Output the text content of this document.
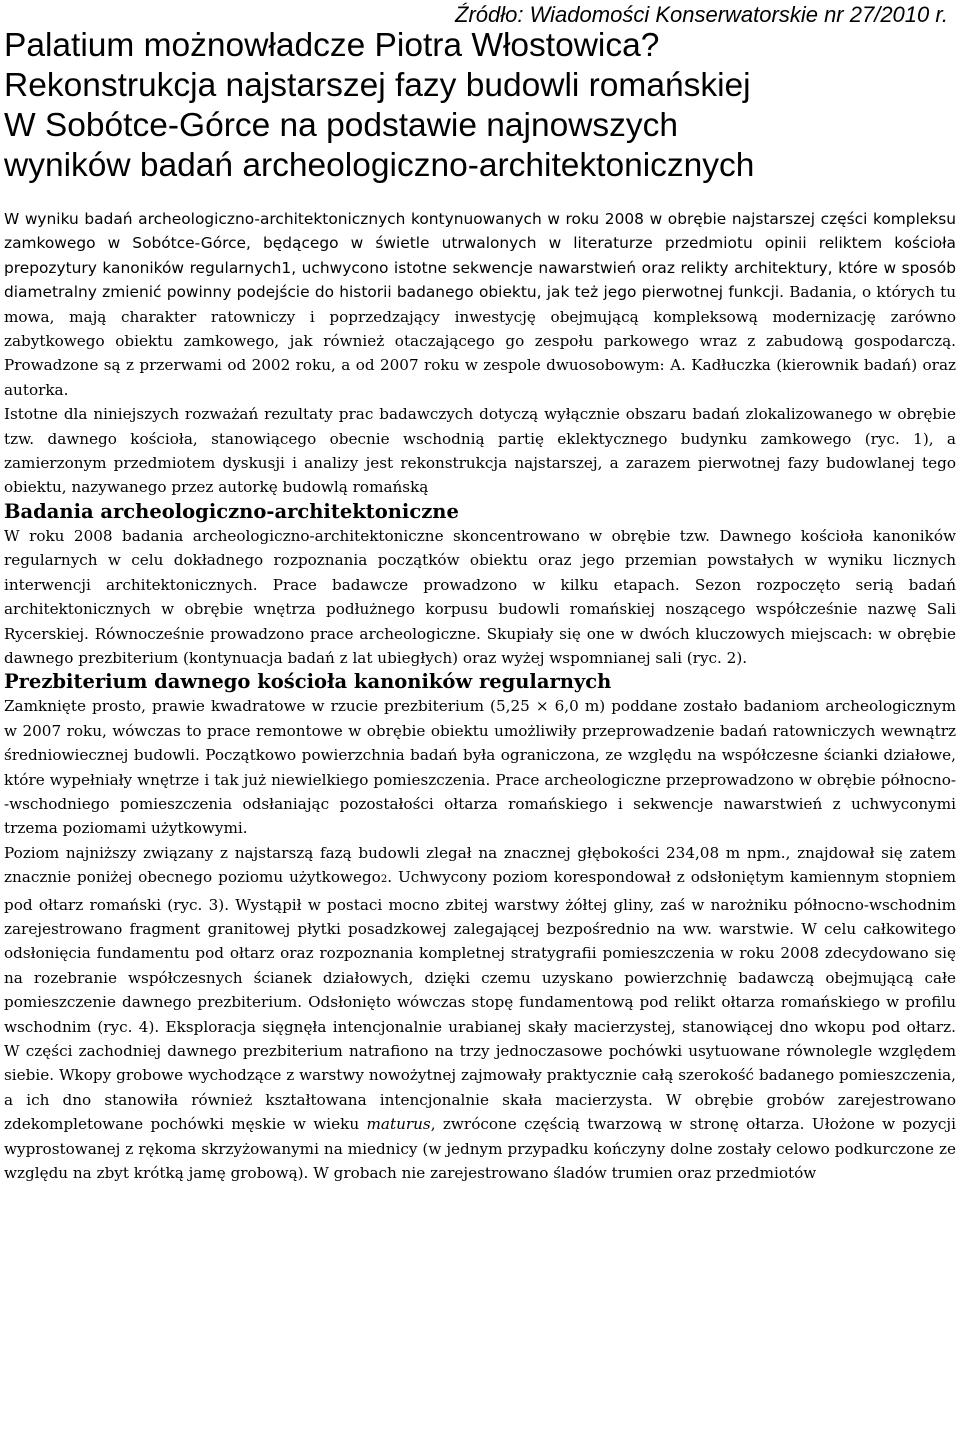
Źródło: Wiadomości Konserwatorskie nr 27/2010 r.
Palatium możnowładcze Piotra Włostowica?
Rekonstrukcja najstarszej fazy budowli romańskiej
W Sobótce-Górce na podstawie najnowszych
wyników badań archeologiczno-architektonicznych

W wyniku badań archeologiczno-architektonicznych kontynuowanych w roku 2008 w obrębie najstarszej części kompleksu zamkowego w Sobótce-Górce, będącego w świetle utrwalonych w literaturze przedmiotu opinii reliktem kościoła prepozytury kanoników regularnych1, uchwycono istotne sekwencje nawarstwień oraz relikty architektury, które w sposób diametralny zmienić powinny podejście do historii badanego obiektu, jak też jego pierwotnej funkcji. Badania, o których tu mowa, mają charakter ratowniczy i poprzedzający inwestycję obejmującą kompleksową modernizację zarówno zabytkowego obiektu zamkowego, jak również otaczającego go zespołu parkowego wraz z zabudową gospodarczą. Prowadzone są z przerwami od 2002 roku, a od 2007 roku w zespole dwuosobowym: A. Kadłuczka (kierownik badań) oraz autorka.

Istotne dla niniejszych rozważań rezultaty prac badawczych dotyczą wyłącznie obszaru badań zlokalizowanego w obrębie tzw. dawnego kościoła, stanowiącego obecnie wschodnią partię eklektycznego budynku zamkowego (ryc. 1), a zamierzonym przedmiotem dyskusji i analizy jest rekonstrukcja najstarszej, a zarazem pierwotnej fazy budowlanej tego obiektu, nazywanego przez autorkę budowlą romańską

Badania archeologiczno-architektoniczne

W roku 2008 badania archeologiczno-architektoniczne skoncentrowano w obrębie tzw. Dawnego kościoła kanoników regularnych w celu dokładnego rozpoznania początków obiektu oraz jego przemian powstałych w wyniku licznych interwencji architektonicznych. Prace badawcze prowadzono w kilku etapach. Sezon rozpoczęto serią badań architektonicznych w obrębie wnętrza podłużnego korpusu budowli romańskiej noszącego współcześnie nazwę Sali Rycerskiej. Równocześnie prowadzono prace archeologiczne. Skupiały się one w dwóch kluczowych miejscach: w obrębie dawnego prezbiterium (kontynuacja badań z lat ubiegłych) oraz wyżej wspomnianej sali (ryc. 2).

Prezbiterium dawnego kościoła kanoników regularnych

Zamknięte prosto, prawie kwadratowe w rzucie prezbiterium (5,25 × 6,0 m) poddane zostało badaniom archeologicznym w 2007 roku, wówczas to prace remontowe w obrębie obiektu umożliwiły przeprowadzenie badań ratowniczych wewnątrz średniowiecznej budowli. Początkowo powierzchnia badań była ograniczona, ze względu na współczesne ścianki działowe, które wypełniały wnętrze i tak już niewielkiego pomieszczenia. Prace archeologiczne przeprowadzono w obrębie północno--wschodniego pomieszczenia odsłaniając pozostałości ołtarza romańskiego i sekwencje nawarstwień z uchwyconymi trzema poziomami użytkowymi.

Poziom najniższy związany z najstarszą fazą budowli zlegał na znacznej głębokości 234,08 m npm., znajdował się zatem znacznie poniżej obecnego poziomu użytkowego2. Uchwycony poziom korespondował z odsłoniętym kamiennym stopniem pod ołtarz romański (ryc. 3). Wystąpił w postaci mocno zbitej warstwy żółtej gliny, zaś w narożniku północno-wschodnim zarejestrowano fragment granitowej płytki posadzkowej zalegającej bezpośrednio na ww. warstwie. W celu całkowitego odsłonięcia fundamentu pod ołtarz oraz rozpoznania kompletnej stratygrafii pomieszczenia w roku 2008 zdecydowano się na rozebranie współczesnych ścianek działowych, dzięki czemu uzyskano powierzchnię badawczą obejmującą całe pomieszczenie dawnego prezbiterium. Odsłonięto wówczas stopę fundamentową pod relikt ołtarza romańskiego w profilu wschodnim (ryc. 4). Eksploracja sięgnęła intencjonalnie urabianej skały macierzystej, stanowiącej dno wkopu pod ołtarz. W części zachodniej dawnego prezbiterium natrafiono na trzy jednoczasowe pochówki usytuowane równolegle względem siebie. Wkopy grobowe wychodzące z warstwy nowożytnej zajmowały praktycznie całą szerokość badanego pomieszczenia, a ich dno stanowiła również kształtowana intencjonalnie skała macierzysta. W obrębie grobów zarejestrowano zdekompletowane pochówki męskie w wieku maturus, zwrócone częścią twarzową w stronę ołtarza. Ułożone w pozycji wyprostowanej z rękoma skrzyżowanymi na miednicy (w jednym przypadku kończyny dolne zostały celowo podkurczone ze względu na zbyt krótką jamę grobową). W grobach nie zarejestrowano śladów trumien oraz przedmiotów
